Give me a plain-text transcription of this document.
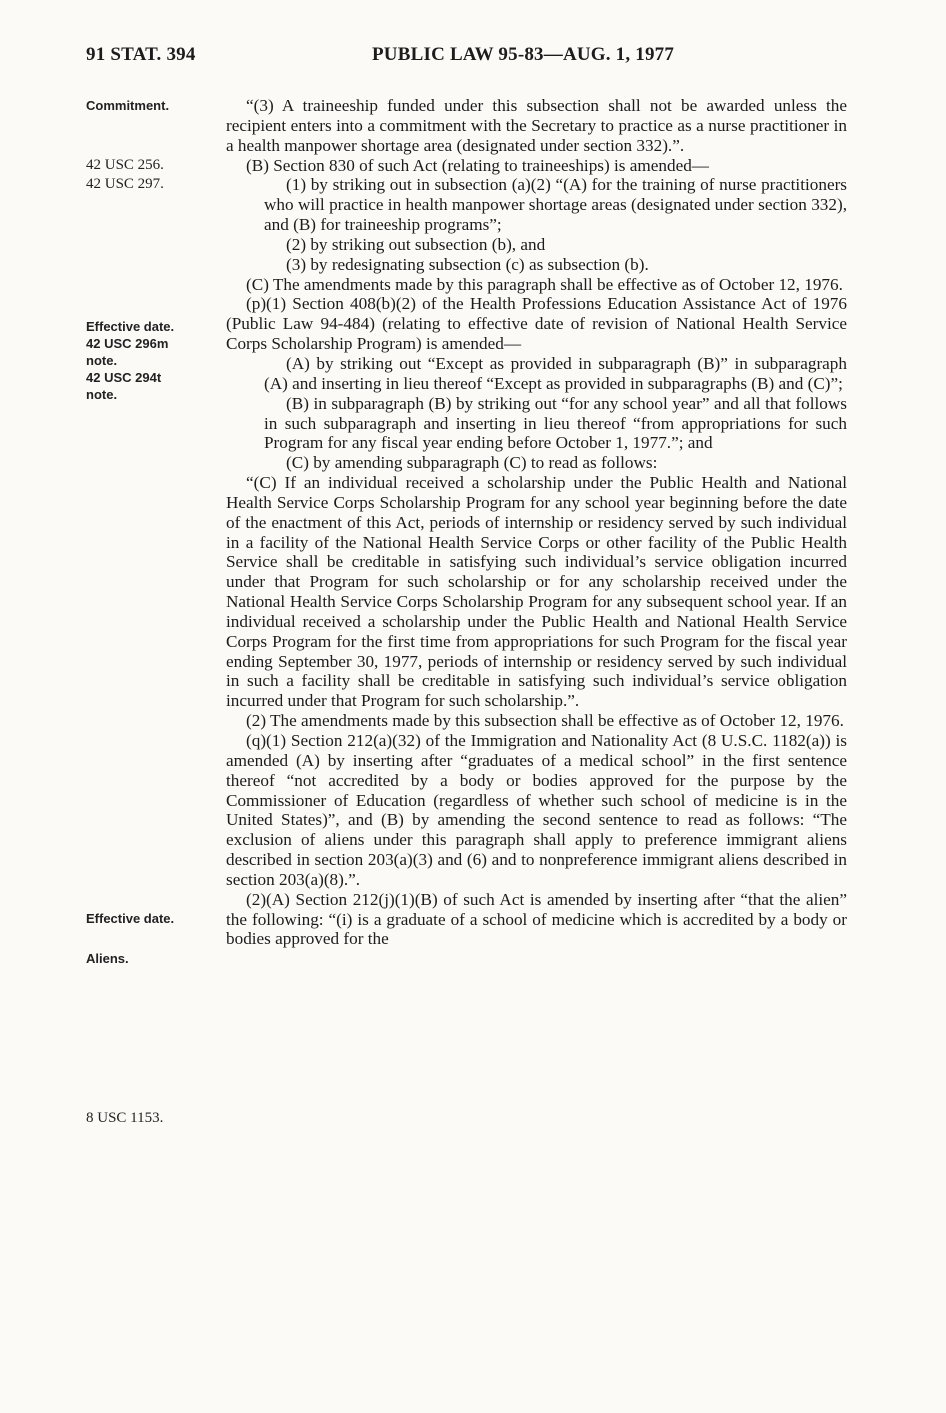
91 STAT. 394	PUBLIC LAW 95-83—AUG. 1, 1977
Commitment.
42 USC 256.
42 USC 297.
Effective date.
42 USC 296m
note.
42 USC 294t
note.
Effective date.
Aliens.
8 USC 1153.

“(3) A traineeship funded under this subsection shall not be awarded unless the recipient enters into a commitment with the Secretary to practice as a nurse practitioner in a health manpower shortage area (designated under section 332).”.

(B) Section 830 of such Act (relating to traineeships) is amended—

(1) by striking out in subsection (a)(2) “(A) for the training of nurse practitioners who will practice in health manpower shortage areas (designated under section 332), and (B) for traineeship programs”;

(2) by striking out subsection (b), and

(3) by redesignating subsection (c) as subsection (b).

(C) The amendments made by this paragraph shall be effective as of October 12, 1976.

(p)(1) Section 408(b)(2) of the Health Professions Education Assistance Act of 1976 (Public Law 94-484) (relating to effective date of revision of National Health Service Corps Scholarship Program) is amended—

(A) by striking out “Except as provided in subparagraph (B)” in subparagraph (A) and inserting in lieu thereof “Except as provided in subparagraphs (B) and (C)”;

(B) in subparagraph (B) by striking out “for any school year” and all that follows in such subparagraph and inserting in lieu thereof “from appropriations for such Program for any fiscal year ending before October 1, 1977.”; and

(C) by amending subparagraph (C) to read as follows:

“(C) If an individual received a scholarship under the Public Health and National Health Service Corps Scholarship Program for any school year beginning before the date of the enactment of this Act, periods of internship or residency served by such individual in a facility of the National Health Service Corps or other facility of the Public Health Service shall be creditable in satisfying such individual’s service obligation incurred under that Program for such scholarship or for any scholarship received under the National Health Service Corps Scholarship Program for any subsequent school year. If an individual received a scholarship under the Public Health and National Health Service Corps Program for the first time from appropriations for such Program for the fiscal year ending September 30, 1977, periods of internship or residency served by such individual in such a facility shall be creditable in satisfying such individual’s service obligation incurred under that Program for such scholarship.”.

(2) The amendments made by this subsection shall be effective as of October 12, 1976.

(q)(1) Section 212(a)(32) of the Immigration and Nationality Act (8 U.S.C. 1182(a)) is amended (A) by inserting after “graduates of a medical school” in the first sentence thereof “not accredited by a body or bodies approved for the purpose by the Commissioner of Education (regardless of whether such school of medicine is in the United States)”, and (B) by amending the second sentence to read as follows: “The exclusion of aliens under this paragraph shall apply to preference immigrant aliens described in section 203(a)(3) and (6) and to nonpreference immigrant aliens described in section 203(a)(8).”.

(2)(A) Section 212(j)(1)(B) of such Act is amended by inserting after “that the alien” the following: “(i) is a graduate of a school of medicine which is accredited by a body or bodies approved for the
